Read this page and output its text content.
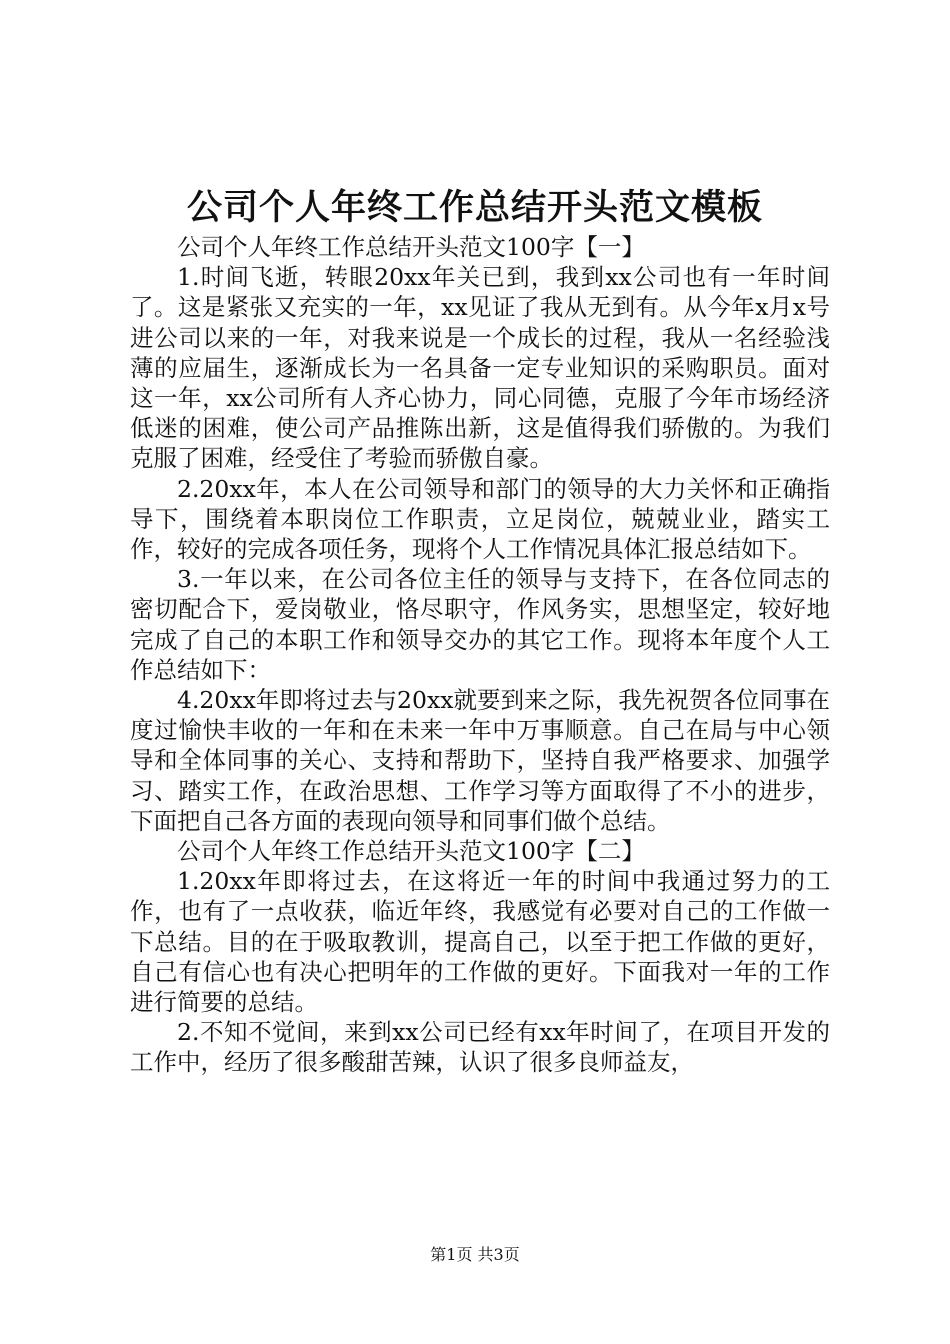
公司个人年终工作总结开头范文模板

公司个人年终工作总结开头范文100字【一】

1.时间飞逝，转眼20xx年关已到，我到xx公司也有一年时间了。这是紧张又充实的一年，xx见证了我从无到有。从今年x月x号进公司以来的一年，对我来说是一个成长的过程，我从一名经验浅薄的应届生，逐渐成长为一名具备一定专业知识的采购职员。面对这一年，xx公司所有人齐心协力，同心同德，克服了今年市场经济低迷的困难，使公司产品推陈出新，这是值得我们骄傲的。为我们克服了困难，经受住了考验而骄傲自豪。

2.20xx年，本人在公司领导和部门的领导的大力关怀和正确指导下，围绕着本职岗位工作职责，立足岗位，兢兢业业，踏实工作，较好的完成各项任务，现将个人工作情况具体汇报总结如下。

3.一年以来，在公司各位主任的领导与支持下，在各位同志的密切配合下，爱岗敬业，恪尽职守，作风务实，思想坚定，较好地完成了自己的本职工作和领导交办的其它工作。现将本年度个人工作总结如下：

4.20xx年即将过去与20xx就要到来之际，我先祝贺各位同事在度过愉快丰收的一年和在未来一年中万事顺意。自己在局与中心领导和全体同事的关心、支持和帮助下，坚持自我严格要求、加强学习、踏实工作，在政治思想、工作学习等方面取得了不小的进步，下面把自己各方面的表现向领导和同事们做个总结。

公司个人年终工作总结开头范文100字【二】

1.20xx年即将过去，在这将近一年的时间中我通过努力的工作，也有了一点收获，临近年终，我感觉有必要对自己的工作做一下总结。目的在于吸取教训，提高自己，以至于把工作做的更好，自己有信心也有决心把明年的工作做的更好。下面我对一年的工作进行简要的总结。

2.不知不觉间，来到xx公司已经有xx年时间了，在项目开发的工作中，经历了很多酸甜苦辣，认识了很多良师益友，

第1页 共3页
